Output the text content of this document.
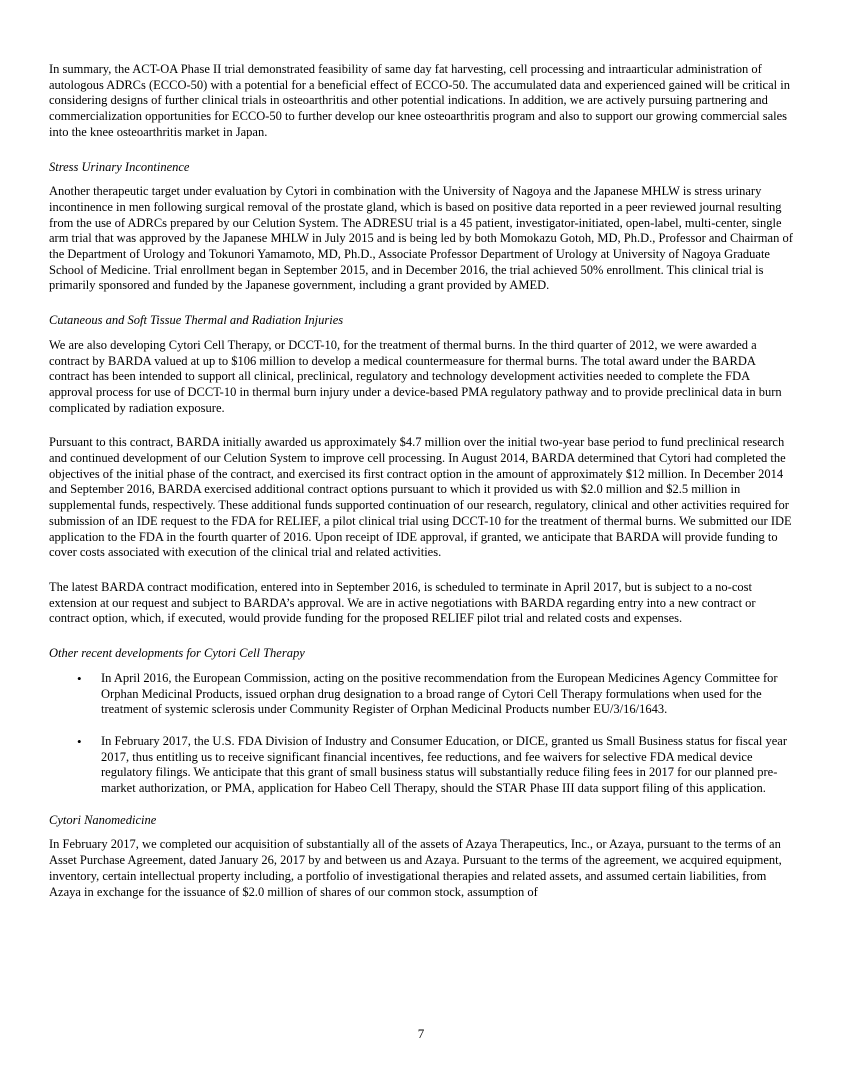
In summary, the ACT-OA Phase II trial demonstrated feasibility of same day fat harvesting, cell processing and intraarticular administration of autologous ADRCs (ECCO-50) with a potential for a beneficial effect of ECCO-50. The accumulated data and experienced gained will be critical in considering designs of further clinical trials in osteoarthritis and other potential indications. In addition, we are actively pursuing partnering and commercialization opportunities for ECCO-50 to further develop our knee osteoarthritis program and also to support our growing commercial sales into the knee osteoarthritis market in Japan.

Stress Urinary Incontinence

Another therapeutic target under evaluation by Cytori in combination with the University of Nagoya and the Japanese MHLW is stress urinary incontinence in men following surgical removal of the prostate gland, which is based on positive data reported in a peer reviewed journal resulting from the use of ADRCs prepared by our Celution System. The ADRESU trial is a 45 patient, investigator-initiated, open-label, multi-center, single arm trial that was approved by the Japanese MHLW in July 2015 and is being led by both Momokazu Gotoh, MD, Ph.D., Professor and Chairman of the Department of Urology and Tokunori Yamamoto, MD, Ph.D., Associate Professor Department of Urology at University of Nagoya Graduate School of Medicine. Trial enrollment began in September 2015, and in December 2016, the trial achieved 50% enrollment. This clinical trial is primarily sponsored and funded by the Japanese government, including a grant provided by AMED.

Cutaneous and Soft Tissue Thermal and Radiation Injuries

We are also developing Cytori Cell Therapy, or DCCT-10, for the treatment of thermal burns. In the third quarter of 2012, we were awarded a contract by BARDA valued at up to $106 million to develop a medical countermeasure for thermal burns. The total award under the BARDA contract has been intended to support all clinical, preclinical, regulatory and technology development activities needed to complete the FDA approval process for use of DCCT-10 in thermal burn injury under a device-based PMA regulatory pathway and to provide preclinical data in burn complicated by radiation exposure.

Pursuant to this contract, BARDA initially awarded us approximately $4.7 million over the initial two-year base period to fund preclinical research and continued development of our Celution System to improve cell processing. In August 2014, BARDA determined that Cytori had completed the objectives of the initial phase of the contract, and exercised its first contract option in the amount of approximately $12 million. In December 2014 and September 2016, BARDA exercised additional contract options pursuant to which it provided us with $2.0 million and $2.5 million in supplemental funds, respectively. These additional funds supported continuation of our research, regulatory, clinical and other activities required for submission of an IDE request to the FDA for RELIEF, a pilot clinical trial using DCCT-10 for the treatment of thermal burns. We submitted our IDE application to the FDA in the fourth quarter of 2016. Upon receipt of IDE approval, if granted, we anticipate that BARDA will provide funding to cover costs associated with execution of the clinical trial and related activities.

The latest BARDA contract modification, entered into in September 2016, is scheduled to terminate in April 2017, but is subject to a no-cost extension at our request and subject to BARDA’s approval. We are in active negotiations with BARDA regarding entry into a new contract or contract option, which, if executed, would provide funding for the proposed RELIEF pilot trial and related costs and expenses.

Other recent developments for Cytori Cell Therapy
• In April 2016, the European Commission, acting on the positive recommendation from the European Medicines Agency Committee for Orphan Medicinal Products, issued orphan drug designation to a broad range of Cytori Cell Therapy formulations when used for the treatment of systemic sclerosis under Community Register of Orphan Medicinal Products number EU/3/16/1643.
• In February 2017, the U.S. FDA Division of Industry and Consumer Education, or DICE, granted us Small Business status for fiscal year 2017, thus entitling us to receive significant financial incentives, fee reductions, and fee waivers for selective FDA medical device regulatory filings. We anticipate that this grant of small business status will substantially reduce filing fees in 2017 for our planned pre-market authorization, or PMA, application for Habeo Cell Therapy, should the STAR Phase III data support filing of this application.
Cytori Nanomedicine

In February 2017, we completed our acquisition of substantially all of the assets of Azaya Therapeutics, Inc., or Azaya, pursuant to the terms of an Asset Purchase Agreement, dated January 26, 2017 by and between us and Azaya. Pursuant to the terms of the agreement, we acquired equipment, inventory, certain intellectual property including, a portfolio of investigational therapies and related assets, and assumed certain liabilities, from Azaya in exchange for the issuance of $2.0 million of shares of our common stock, assumption of

7
